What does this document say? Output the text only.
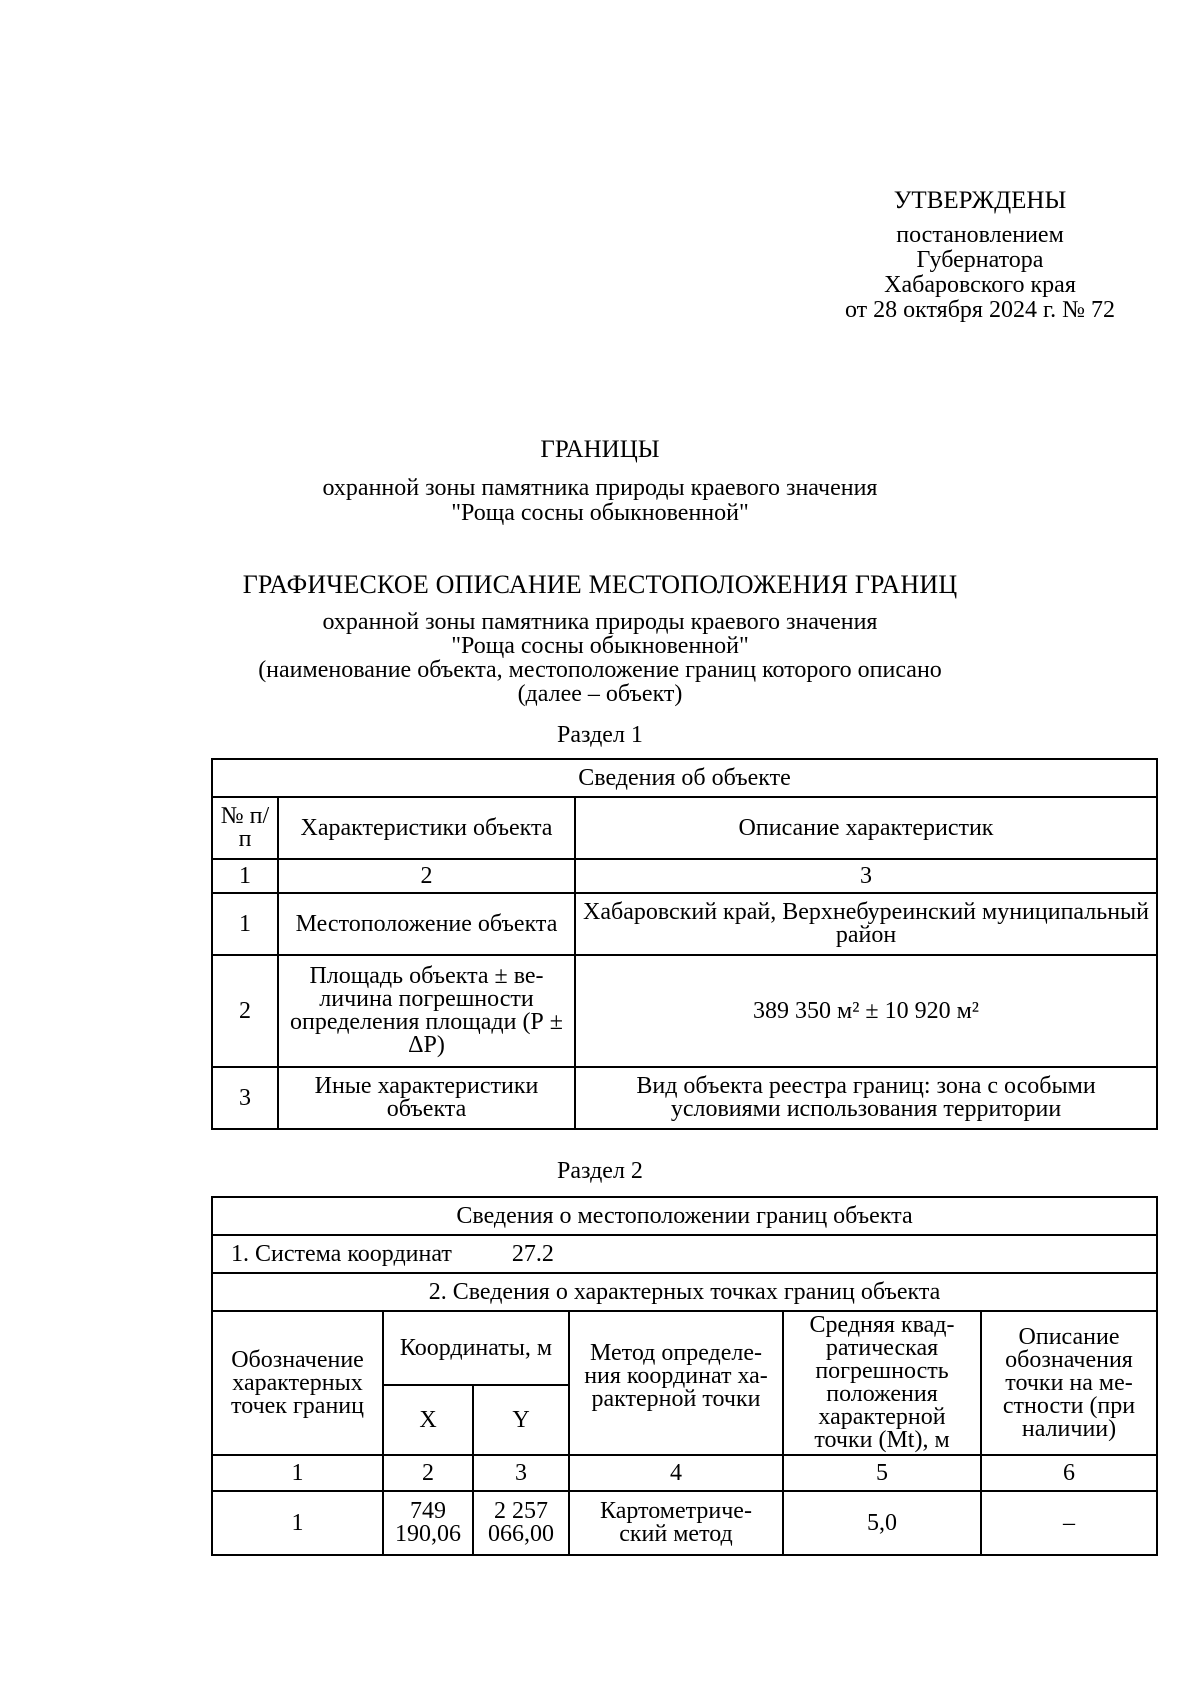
УТВЕРЖДЕНЫ
постановлением
Губернатора
Хабаровского края
от 28 октября 2024 г. № 72
ГРАНИЦЫ
охранной зоны памятника природы краевого значения
"Роща сосны обыкновенной"
ГРАФИЧЕСКОЕ ОПИСАНИЕ МЕСТОПОЛОЖЕНИЯ ГРАНИЦ
охранной зоны памятника природы краевого значения
"Роща сосны обыкновенной"
(наименование объекта, местоположение границ которого описано
(далее – объект)
Раздел 1
Сведения об объекте		
№ п/п	Характеристики объекта	Описание характеристик
1	2	3
1	Местоположение объекта	Хабаровский край, Верхнебуреинский муниципальный район
2	Площадь объекта ± ве- личина погрешности определения площади (Р ± ΔР)	389 350 м² ± 10 920 м²
3	Иные характеристики объекта	Вид объекта реестра границ: зона с особыми условиями использования территории
Раздел 2
Сведения о местоположении границ объекта					
1. Система координат 27.2					
2. Сведения о характерных точках границ объекта					
Обозначение характерных точек границ	Координаты, м		Метод определе- ния координат ха- рактерной точки	Средняя квад- ратическая погрешность положения характерной точки (Mt), м	Описание обозначения точки на ме- стности (при наличии)
	X	Y			
1	2	3	4	5	6
1	749 190,06	2 257 066,00	Картометриче- ский метод	5,0	–
